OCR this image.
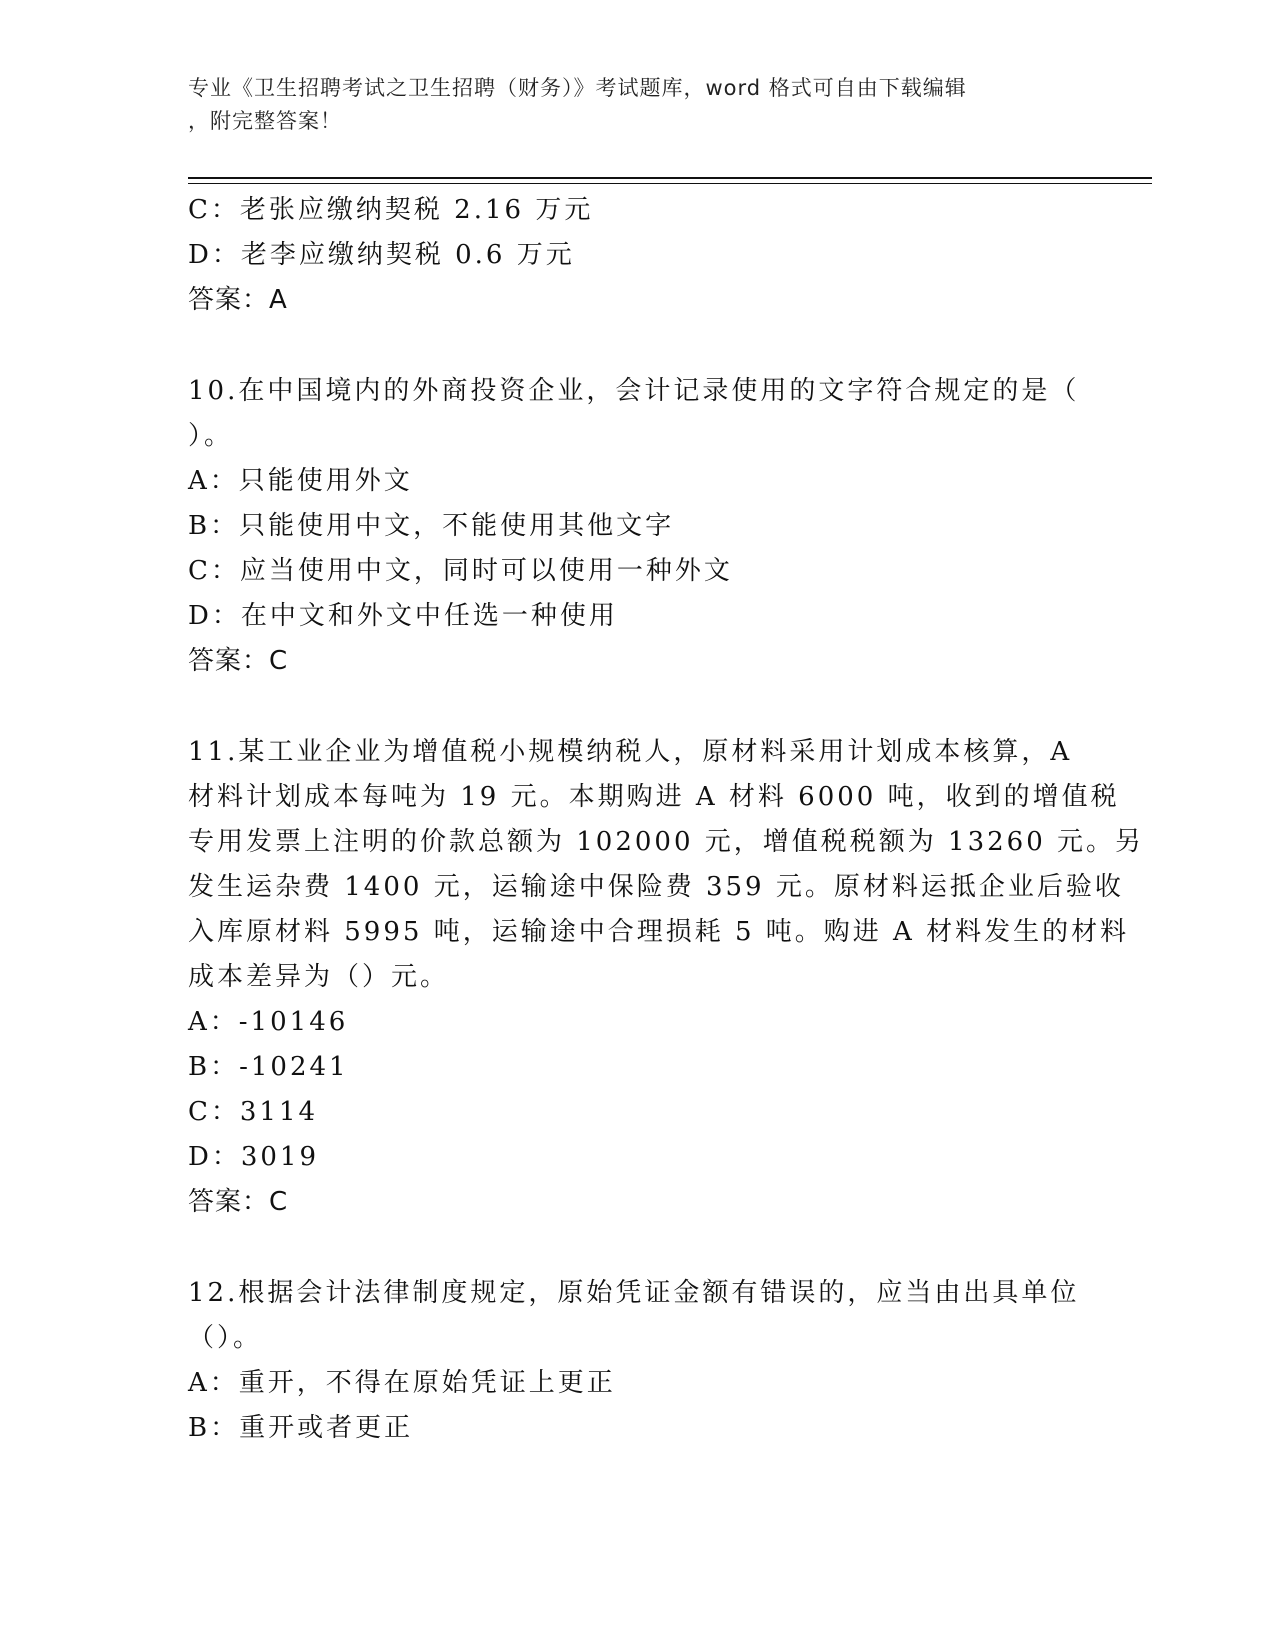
专业《卫生招聘考试之卫生招聘（财务）》考试题库，word 格式可自由下载编辑
，附完整答案！
C：老张应缴纳契税 2.16 万元
D：老李应缴纳契税 0.6 万元
答案：A
10.在中国境内的外商投资企业，会计记录使用的文字符合规定的是（
）。
A：只能使用外文
B：只能使用中文，不能使用其他文字
C：应当使用中文，同时可以使用一种外文
D：在中文和外文中任选一种使用
答案：C
11.某工业企业为增值税小规模纳税人，原材料采用计划成本核算，A
材料计划成本每吨为 19 元。本期购进 A 材料 6000 吨，收到的增值税
专用发票上注明的价款总额为 102000 元，增值税税额为 13260 元。另
发生运杂费 1400 元，运输途中保险费 359 元。原材料运抵企业后验收
入库原材料 5995 吨，运输途中合理损耗 5 吨。购进 A 材料发生的材料
成本差异为（）元。
A：-10146
B：-10241
C：3114
D：3019
答案：C
12.根据会计法律制度规定，原始凭证金额有错误的，应当由出具单位
（）。
A：重开，不得在原始凭证上更正
B：重开或者更正
